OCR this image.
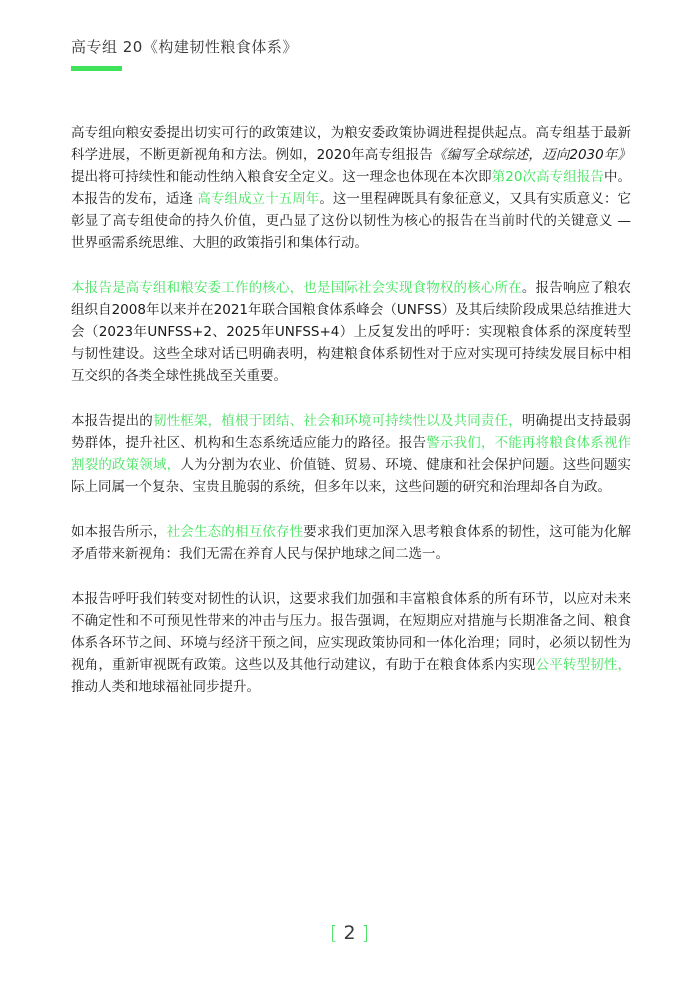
高专组 20《构建韧性粮食体系》

高专组向粮安委提出切实可行的政策建议，为粮安委政策协调进程提供起点。高专组基于最新科学进展，不断更新视角和方法。例如，2020年高专组报告《编写全球综述，迈向2030年》提出将可持续性和能动性纳入粮食安全定义。这一理念也体现在本次即第20次高专组报告中。本报告的发布，适逢 高专组成立十五周年。这一里程碑既具有象征意义，又具有实质意义：它彰显了高专组使命的持久价值，更凸显了这份以韧性为核心的报告在当前时代的关键意义 — 世界亟需系统思维、大胆的政策指引和集体行动。

本报告是高专组和粮安委工作的核心，也是国际社会实现食物权的核心所在。报告响应了粮农组织自2008年以来并在2021年联合国粮食体系峰会（UNFSS）及其后续阶段成果总结推进大会（2023年UNFSS+2、2025年UNFSS+4）上反复发出的呼吁：实现粮食体系的深度转型与韧性建设。这些全球对话已明确表明，构建粮食体系韧性对于应对实现可持续发展目标中相互交织的各类全球性挑战至关重要。

本报告提出的韧性框架，植根于团结、社会和环境可持续性以及共同责任，明确提出支持最弱势群体，提升社区、机构和生态系统适应能力的路径。报告警示我们，不能再将粮食体系视作割裂的政策领域，人为分割为农业、价值链、贸易、环境、健康和社会保护问题。这些问题实际上同属一个复杂、宝贵且脆弱的系统，但多年以来，这些问题的研究和治理却各自为政。

如本报告所示，社会生态的相互依存性要求我们更加深入思考粮食体系的韧性，这可能为化解矛盾带来新视角：我们无需在养育人民与保护地球之间二选一。

本报告呼吁我们转变对韧性的认识，这要求我们加强和丰富粮食体系的所有环节，以应对未来不确定性和不可预见性带来的冲击与压力。报告强调，在短期应对措施与长期准备之间、粮食体系各环节之间、环境与经济干预之间，应实现政策协同和一体化治理；同时，必须以韧性为视角，重新审视既有政策。这些以及其他行动建议，有助于在粮食体系内实现公平转型韧性，推动人类和地球福祉同步提升。

[ 2 ]
